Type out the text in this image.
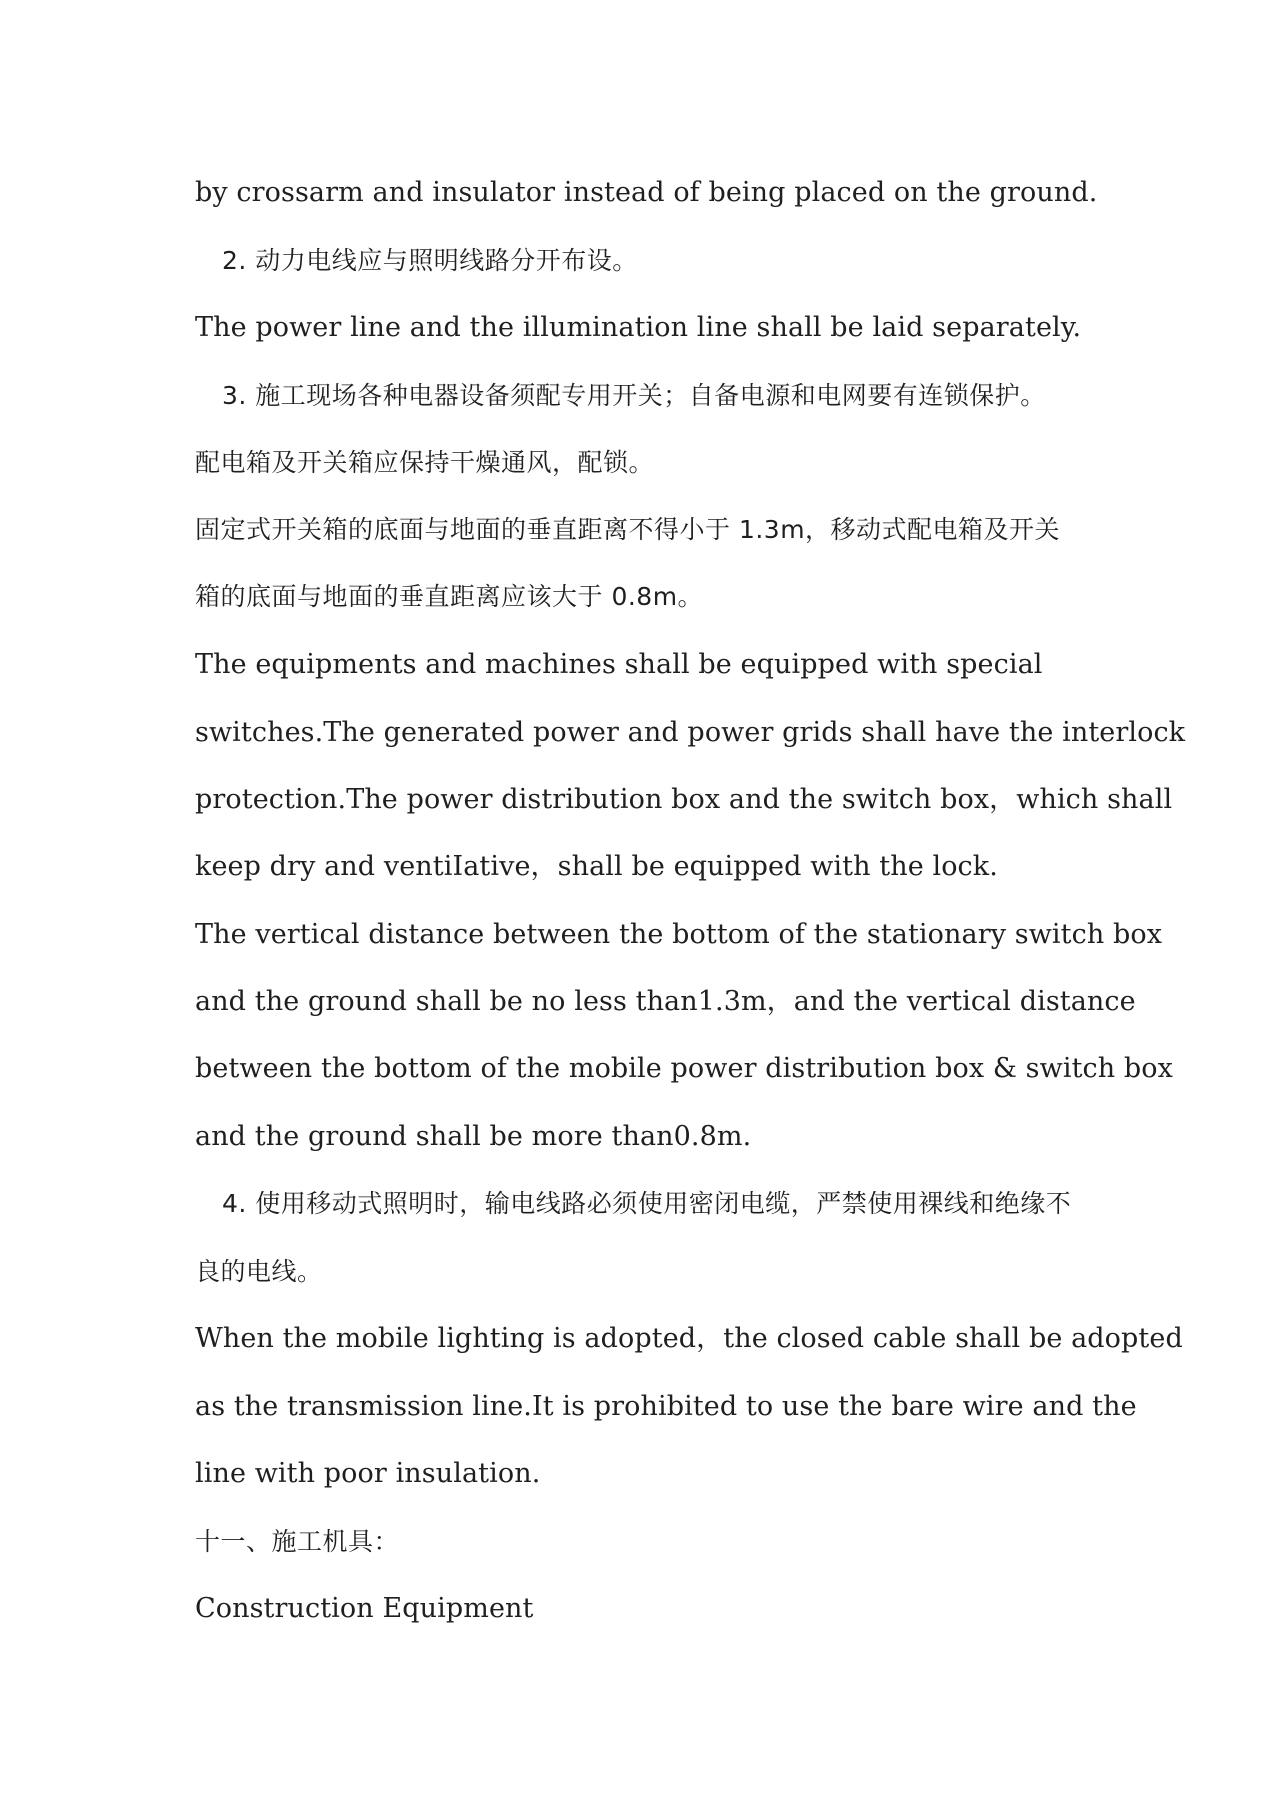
by crossarm and insulator instead of being placed on the ground.
2. 动力电线应与照明线路分开布设。
The power line and the illumination line shall be laid separately.
3. 施工现场各种电器设备须配专用开关；自备电源和电网要有连锁保护。
配电箱及开关箱应保持干燥通风，配锁。
固定式开关箱的底面与地面的垂直距离不得小于 1.3m，移动式配电箱及开关
箱的底面与地面的垂直距离应该大于 0.8m。
The equipments and machines shall be equipped with special
switches.The generated power and power grids shall have the interlock
protection.The power distribution box and the switch box，which shall
keep dry and ventiIative，shall be equipped with the lock.
The vertical distance between the bottom of the stationary switch box
and the ground shall be no less than1.3m，and the vertical distance
between the bottom of the mobile power distribution box & switch box
and the ground shall be more than0.8m.
4. 使用移动式照明时，输电线路必须使用密闭电缆，严禁使用裸线和绝缘不
良的电线。
When the mobile lighting is adopted，the closed cable shall be adopted
as the transmission line.It is prohibited to use the bare wire and the
line with poor insulation.
十一、施工机具：
Construction Equipment
